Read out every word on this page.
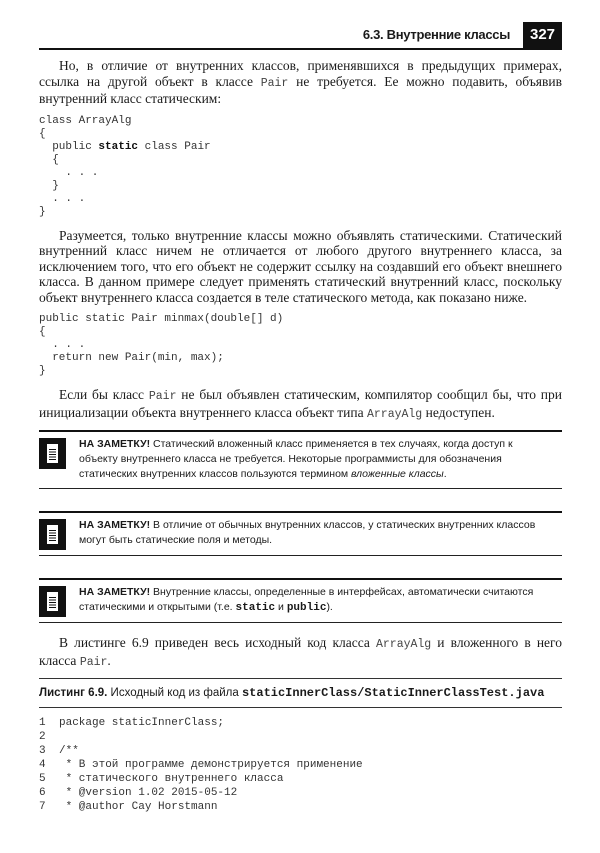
6.3. Внутренние классы	327
Но, в отличие от внутренних классов, применявшихся в предыдущих примерах, ссылка на другой объект в классе Pair не требуется. Ее можно подавить, объявив внутренний класс статическим:
class ArrayAlg
{
public static class Pair
{
. . .
}
. . .
}
Разумеется, только внутренние классы можно объявлять статическими. Статический внутренний класс ничем не отличается от любого другого внутреннего класса, за исключением того, что его объект не содержит ссылку на создавший его объект внешнего класса. В данном примере следует применять статический внутренний класс, поскольку объект внутреннего класса создается в теле статического метода, как показано ниже.
public static Pair minmax(double[] d)
{
. . .
return new Pair(min, max);
}
Если бы класс Pair не был объявлен статическим, компилятор сообщил бы, что при инициализации объекта внутреннего класса объект типа ArrayAlg недоступен.
НА ЗАМЕТКУ! Статический вложенный класс применяется в тех случаях, когда доступ к объекту внутреннего класса не требуется. Некоторые программисты для обозначения статических внутренних классов пользуются термином вложенные классы.
НА ЗАМЕТКУ! В отличие от обычных внутренних классов, у статических внутренних классов могут быть статические поля и методы.
НА ЗАМЕТКУ! Внутренние классы, определенные в интерфейсах, автоматически считаются статическими и открытыми (т.е. static и public).
В листинге 6.9 приведен весь исходный код класса ArrayAlg и вложенного в него класса Pair.
Листинг 6.9. Исходный код из файла staticInnerClass/StaticInnerClassTest.java
1 package staticInnerClass;
2
3 /**
4 * В этой программе демонстрируется применение
5 * статического внутреннего класса
6 * @version 1.02 2015-05-12
7 * @author Cay Horstmann
